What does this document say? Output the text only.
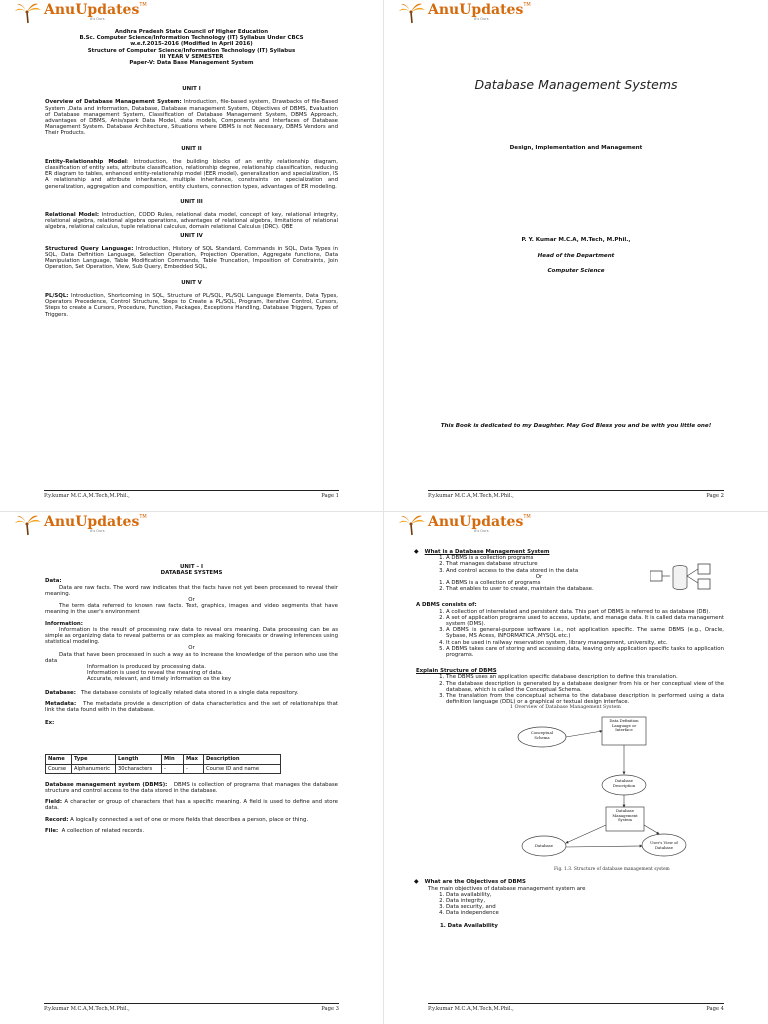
AnuUpdates TM
It's Ours
Andhra Pradesh State Council of Higher Education
B.Sc. Computer Science/Information Technology (IT) Syllabus Under CBCS
w.e.f.2015-2016 (Modified in April 2016)
Structure of Computer Science/Information Technology (IT) Syllabus
III YEAR V SEMESTER
Paper-V: Data Base Management System
UNIT I

Overview of Database Management System: Introduction, file-based system, Drawbacks of file-Based System ,Data and information, Database, Database management System, Objectives of DBMS, Evaluation of Database management System, Classification of Database Management System, DBMS Approach, advantages of DBMS, Anis/spark Data Model, data models, Components and Interfaces of Database Management System. Database Architecture, Situations where DBMS is not Necessary, DBMS Vendors and Their Products.

UNIT II

Entity-Relationship Model: Introduction, the building blocks of an entity relationship diagram, classification of entity sets, attribute classification, relationship degree, relationship classification, reducing ER diagram to tables, enhanced entity-relationship model (EER model), generalization and specialization, IS A relationship and attribute inheritance, multiple inheritance, constraints on specialization and generalization, aggregation and composition, entity clusters, connection types, advantages of ER modeling.

UNIT III

Relational Model: Introduction, CODD Rules, relational data model, concept of key, relational integrity, relational algebra, relational algebra operations, advantages of relational algebra, limitations of relational algebra, relational calculus, tuple relational calculus, domain relational Calculus (DRC). QBE

UNIT IV

Structured Query Language: Introduction, History of SQL Standard, Commands in SQL, Data Types in SQL, Data Definition Language, Selection Operation, Projection Operation, Aggregate functions, Data Manipulation Language, Table Modification Commands, Table Truncation, Imposition of Constraints, Join Operation, Set Operation, View, Sub Query, Embedded SQL,

UNIT V

PL/SQL: Introduction, Shortcoming in SQL, Structure of PL/SQL, PL/SQL Language Elements, Data Types, Operators Precedence, Control Structure, Steps to Create a PL/SQL, Program, Iterative Control, Cursors, Steps to create a Cursors, Procedure, Function, Packages, Exceptions Handling, Database Triggers, Types of Triggers.

P.y.kumar M.C.A,M.Tech,M.Phil.,	Page 1
AnuUpdates TM
It's Ours
Database Management Systems
Design, Implementation and Management
P. Y. Kumar M.C.A, M.Tech, M.Phil.,
Head of the Department
Computer Science
This Book is dedicated to my Daughter. May God Bless you and be with you little one!
P.y.kumar M.C.A,M.Tech,M.Phil.,	Page 2
AnuUpdates TM
It's Ours
UNIT – I
DATABASE SYSTEMS
Data:

Data are raw facts. The word raw indicates that the facts have not yet been processed to reveal their meaning.

Or

The term data referred to known raw facts. Text, graphics, images and video segments that have meaning in the user's environment

Information:

Information is the result of processing raw data to reveal ors meaning. Data processing can be as simple as organizing data to reveal patterns or as complex as making forecasts or drawing inferences using statistical modeling.

Or

Data that have been processed in such a way as to increase the knowledge of the person who use the data

Information is produced by processing data.
Information is used to reveal the meaning of data.
Accurate, relevant, and timely information os the key

Database: The database consists of logically related data stored in a single data repository.

Metadata: The metadata provide a description of data characteristics and the set of relationships that link the data found with in the database.

Ex:
Name	Type	Length	Min	Max	Description
Course	Alphanumeric	30characters	-	-	Course ID and name

Database management system (DBMS): DBMS is collection of programs that manages the database structure and control access to the data stored in the database.

Field: A character or group of characters that has a specific meaning. A field is used to define and store data.

Record: A logically connected a set of one or more fields that describes a person, place or thing.

File: A collection of related records.

P.y.kumar M.C.A,M.Tech,M.Phil.,	Page 3
AnuUpdates TM
It's Ours
◆ What is a Database Management System
1. A DBMS is a collection programs
2. That manages database structure
3. And control access to the data stored in the data
Or
1. A DBMS is a collection of programs
2. That enables to user to create, maintain the database.
A DBMS consists of:
1. A collection of interrelated and persistent data. This part of DBMS is referred to as database (DB).
2. A set of application programs used to access, update, and manage data. It is called data management system (DMS).
3. A DBMS is general-purpose software i.e., not application specific. The same DBMS (e.g., Oracle, Sybase, MS Acess, INFORMATICA ,MYSQL etc.)
4. It can be used in railway reservation system, library management, university, etc.
5. A DBMS takes care of storing and accessing data, leaving only application specific tasks to application programs.
Explain Structure of DBMS
1. The DBMS uses an application specific database description to define this translation.
2. The database description is generated by a database designer from his or her conceptual view of the database, which is called the Conceptual Schema.
3. The translation from the conceptual schema to the database description is performed using a data definition language (DDL) or a graphical or textual design interface.
1 Overview of Database Management System
Conceptual Schema
Data Definition Language or Interface
Database Description
Database Management System
Database
User's View of Database
Fig. 1.3. Structure of database management system
◆ What are the Objectives of DBMS
The main objectives of database management system are
1. Data availability,
2. Data integrity,
3. Data security, and
4. Data independence
1. Data Availability
P.y.kumar M.C.A,M.Tech,M.Phil.,	Page 4
